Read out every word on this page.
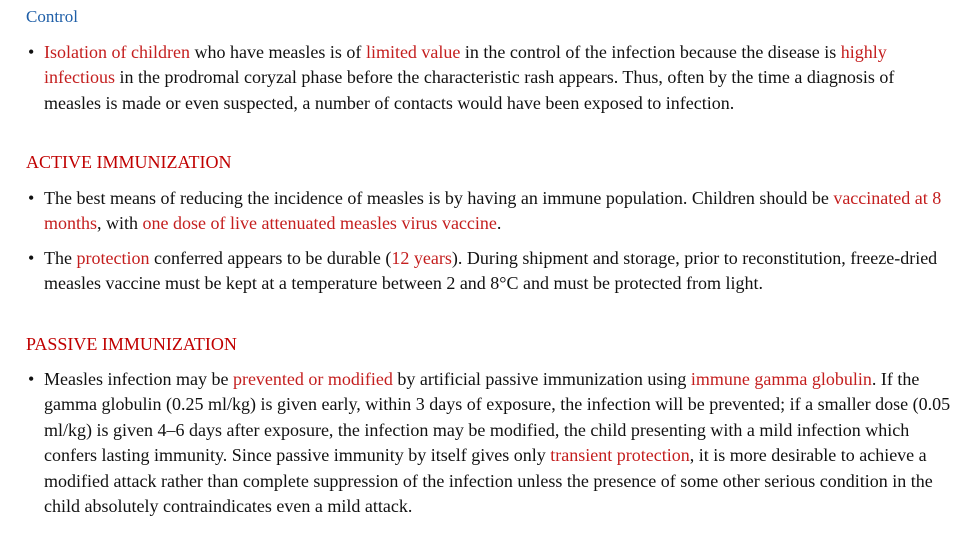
Control
• Isolation of children who have measles is of limited value in the control of the infection because the disease is highly infectious in the prodromal coryzal phase before the characteristic rash appears. Thus, often by the time a diagnosis of measles is made or even suspected, a number of contacts would have been exposed to infection.
ACTIVE IMMUNIZATION
• The best means of reducing the incidence of measles is by having an immune population. Children should be vaccinated at 8 months, with one dose of live attenuated measles virus vaccine.
• The protection conferred appears to be durable (12 years). During shipment and storage, prior to reconstitution, freeze-dried measles vaccine must be kept at a temperature between 2 and 8°C and must be protected from light.
PASSIVE IMMUNIZATION
• Measles infection may be prevented or modified by artificial passive immunization using immune gamma globulin. If the gamma globulin (0.25 ml/kg) is given early, within 3 days of exposure, the infection will be prevented; if a smaller dose (0.05 ml/kg) is given 4–6 days after exposure, the infection may be modified, the child presenting with a mild infection which confers lasting immunity. Since passive immunity by itself gives only transient protection, it is more desirable to achieve a modified attack rather than complete suppression of the infection unless the presence of some other serious condition in the child absolutely contraindicates even a mild attack.
